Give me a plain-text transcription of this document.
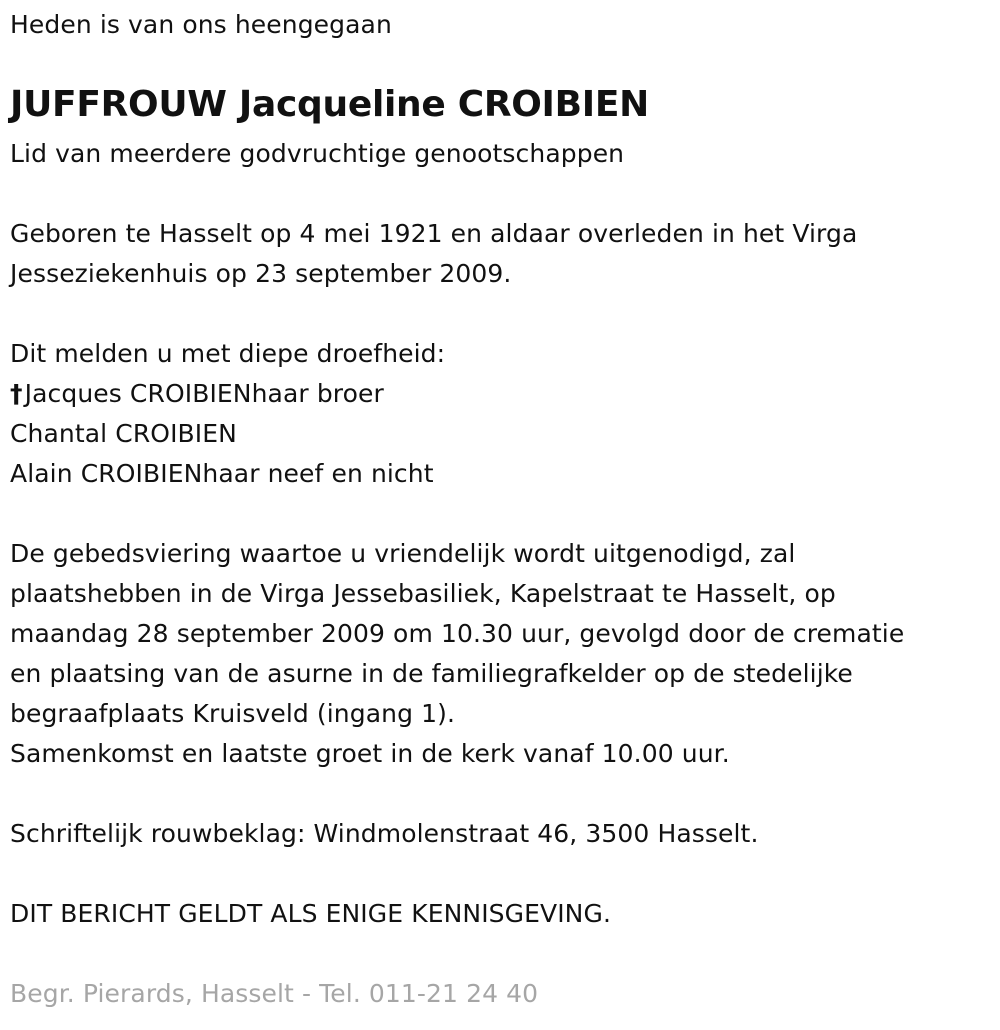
Heden is van ons heengegaan
JUFFROUW Jacqueline CROIBIEN
Lid van meerdere godvruchtige genootschappen
Geboren te Hasselt op 4 mei 1921 en aldaar overleden in het Virga
Jesseziekenhuis op 23 september 2009.
Dit melden u met diepe droefheid:
†Jacques CROIBIENhaar broer
Chantal CROIBIEN
Alain CROIBIENhaar neef en nicht
De gebedsviering waartoe u vriendelijk wordt uitgenodigd, zal
plaatshebben in de Virga Jessebasiliek, Kapelstraat te Hasselt, op
maandag 28 september 2009 om 10.30 uur, gevolgd door de crematie
en plaatsing van de asurne in de familiegrafkelder op de stedelijke
begraafplaats Kruisveld (ingang 1).
Samenkomst en laatste groet in de kerk vanaf 10.00 uur.
Schriftelijk rouwbeklag: Windmolenstraat 46, 3500 Hasselt.
DIT BERICHT GELDT ALS ENIGE KENNISGEVING.
Begr. Pierards, Hasselt - Tel. 011-21 24 40
